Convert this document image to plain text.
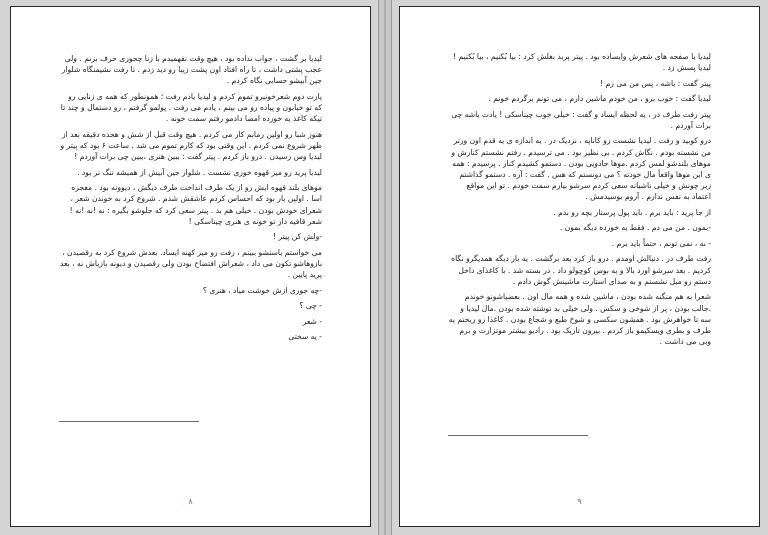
لیدیا بر گشت ، جواب نداده بود ، هیچ وقت نفهمیدم با زنا چجوری حرف بزنم . ولی عجب پشتی داشت ، تا راه افتاد اون پشت زیبا رو دید زدم . تا رفت نشیمنگاه شلوار جین آبیشو حسابی نگاه کردم .

پارت دوم شعرخونیرو تموم کردم و لیدیا یادم رفت ؛ همونطور که همه ی زنایی رو که تو خیابون و پیاده رو می بینم ، یادم می رفت . پولمو گرفتم ، رو دستمال و چند تا تیکه کاغذ یه خورده امضا دادمو رفتم سمت خونه .

هنوز شبا رو اولین رمانم کار می کردم . هیچ وقت قبل از شش و هجده دقیقه بعد از ظهر شروع نمی کردم . این وقتی بود که کارم تموم می شد . ساعت ۶ بود که پیتر و لیدیا وس رسیدن . درو باز کردم . پیتر گفت : ببین هنری ،ببین چی برات آوردم !

لیدیا پرید رو میز قهوه خوری نشست . شلوار جین آبیش از همیشه تنگ تر بود .

موهای بلند قهوه ایش رو از یک طرف انداخت طرف دیگش ، دیوونه بود . معجزه اسا . اولین بار بود که احساس کردم عاشقش شدم . شروع کرد به خوندن شعر ، شعرای خودش بودن . خیلی هم بد . پیتر سعی کرد که جلوشو بگیره : نه !نه !نه ! شعر قافیه دار تو خونه ی هنری چیناسکی !

-ولش کن پیتر !

می خواستم باسنشو ببینم ، رفت رو میز کهنه ایساد. بعدش شروع کرد به رقصیدن ، بازوهاشو تکون می داد ، شعراش افتضاح بودن ولی رقصیدن و دیونه بازیاش نه ، بعد پرید پایین .

-چه جوری ازش خوشت میاد ، هنری ؟

- چی ؟

- شعر

- یه سختی

۸

لیدیا یا صفحه های شعرش وایساده بود . پیتر پرید بغلش کرد : بیا بُکنیم ، بیا بُکنیم ! لیدیا پسش زد .

پیتر گفت : باشه ، پس من می رم !

لیدیا گفت : خوب برو ، من خودم ماشین دارم ، می تونم برگردم خونم .

پیتر رفت طرف در ، یه لحظه ایساد و گفت : خیلی خوب چیناسکی ! یادت باشه چی برات آوردم .

درو کوبید و رفت . لیدیا نشست رو کاناپه ، نزدیک در . یه اندازه ی یه قدم اون ورتر من نشسته بودم . نگاش کردم . بی نظیر بود . می ترسیدم . رفتم نشستم کنارش و موهای بلندشو لمس کردم .موها جادویی بودن . دستمو کشیدم کنار . پرسیدم : همه ی این موها واقعاً مال خودته ؟ می دونستم که هس . گفت : آره . دستمو گذاشتم زیر چونش و خیلی ناشیانه سعی کردم سرشو بیارم سمت خودم . تو این مواقع اعتماد به نفس ندارم . آروم بوسیدمش .

از جا پرید : باید برم . باید پول پرستار بچه رو بدم .

-بمون . من می دم . فقط یه خورده دیگه بمون .

- نه ، نمی تونم ، حتماً باید برم .

رفت طرف در . دنبالش اومدم . درو باز کرد بعد برگشت . یه بار دیگه همدیگرو نگاه کردیم . بعد سرشو اورد بالا و یه بوس کوچولو داد . در بسته شد . با کاغذای داخل دستم رو مبل نشستم و به صدای استارت ماشینش گوش دادم .

شعرا به هم منگنه شده بودن ، ماشین شده و همه مال اون . بعضیاشونو خوندم .جالب بودن ، پر از شوخی و سکس . ولی خیلی بد نوشته شده بودن .مال لیدیا و سه تا خواهرش بود . همشون سکسی و شوخ طبع و شجاع بودن . کاغذا رو ریختم یه طرف و بطری ویسکیمو باز کردم . بیرون تاریک بود . رادیو بیشتر موتزارت و برم وبی می داشت .

۹
